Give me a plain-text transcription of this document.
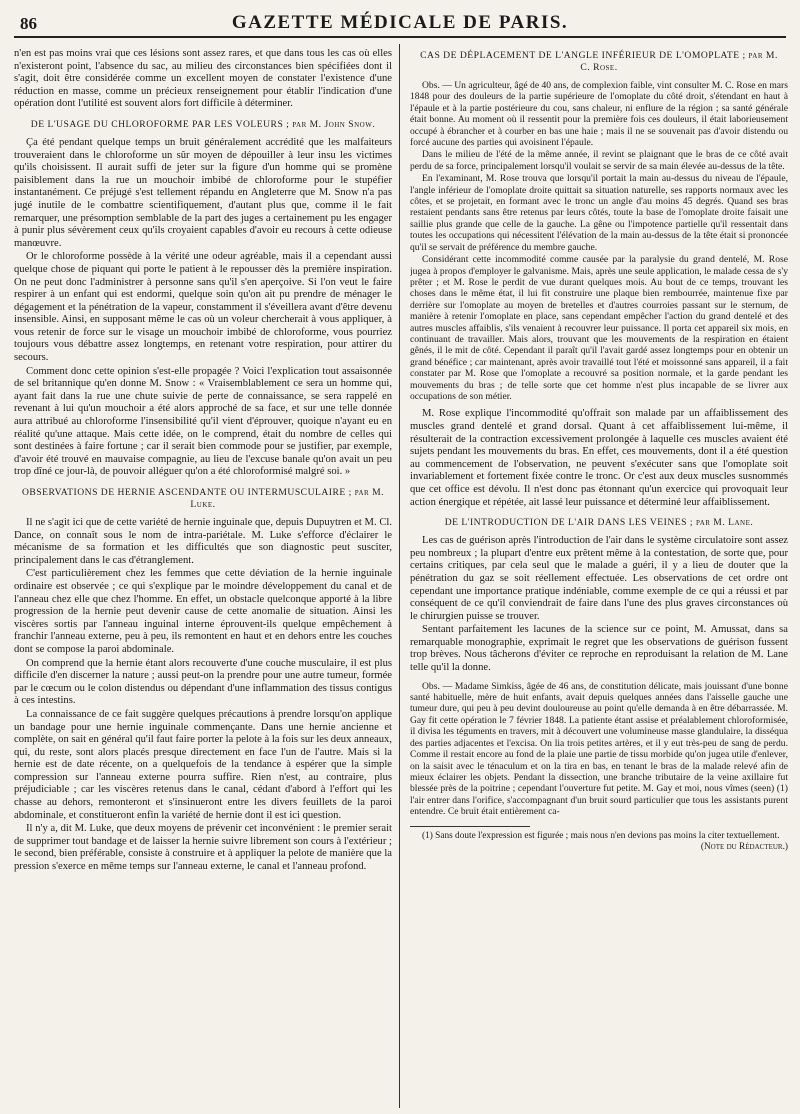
86	GAZETTE MÉDICALE DE PARIS.

n'en est pas moins vrai que ces lésions sont assez rares, et que dans tous les cas où elles n'existeront point, l'absence du sac, au milieu des circonstances bien spécifiées dont il s'agit, doit être considérée comme un excellent moyen de constater l'existence d'une réduction en masse, comme un précieux renseignement pour établir l'indication d'une opération dont l'utilité est souvent alors fort difficile à déterminer.

DE L'USAGE DU CHLOROFORME PAR LES VOLEURS ; par M. John Snow.

Ça été pendant quelque temps un bruit généralement accrédité que les malfaiteurs trouveraient dans le chloroforme un sûr moyen de dépouiller à leur insu les victimes qu'ils choisissent. Il aurait suffi de jeter sur la figure d'un homme qui se promène paisiblement dans la rue un mouchoir imbibé de chloroforme pour le stupéfier instantanément. Ce préjugé s'est tellement répandu en Angleterre que M. Snow n'a pas jugé inutile de le combattre scientifiquement, d'autant plus que, comme il le fait remarquer, une présomption semblable de la part des juges a certainement pu les engager à punir plus sévèrement ceux qu'ils croyaient capables d'avoir eu recours à cette odieuse manœuvre.

Or le chloroforme possède à la vérité une odeur agréable, mais il a cependant aussi quelque chose de piquant qui porte le patient à le repousser dès la première inspiration. On ne peut donc l'administrer à personne sans qu'il s'en aperçoive. Si l'on veut le faire respirer à un enfant qui est endormi, quelque soin qu'on ait pu prendre de ménager le dégagement et la pénétration de la vapeur, constamment il s'éveillera avant d'être devenu insensible. Ainsi, en supposant même le cas où un voleur chercherait à vous appliquer, à vous retenir de force sur le visage un mouchoir imbibé de chloroforme, vous pourriez toujours vous débattre assez longtemps, en retenant votre respiration, pour attirer du secours.

Comment donc cette opinion s'est-elle propagée ? Voici l'explication tout assaisonnée de sel britannique qu'en donne M. Snow : « Vraisemblablement ce sera un homme qui, ayant fait dans la rue une chute suivie de perte de connaissance, se sera rappelé en revenant à lui qu'un mouchoir a été alors approché de sa face, et sur une telle donnée aura attribué au chloroforme l'insensibilité qu'il vient d'éprouver, quoique n'ayant eu en réalité qu'une attaque. Mais cette idée, on le comprend, était du nombre de celles qui sont destinées à faire fortune ; car il serait bien commode pour se justifier, par exemple, d'avoir été trouvé en mauvaise compagnie, au lieu de l'excuse banale qu'on avait un peu trop dîné ce jour-là, de pouvoir alléguer qu'on a été chloroformisé malgré soi. »

OBSERVATIONS DE HERNIE ASCENDANTE OU INTERMUSCULAIRE ; par M. Luke.

Il ne s'agit ici que de cette variété de hernie inguinale que, depuis Dupuytren et M. Cl. Dance, on connaît sous le nom de intra-pariétale. M. Luke s'efforce d'éclairer le mécanisme de sa formation et les difficultés que son diagnostic peut susciter, principalement dans le cas d'étranglement.

C'est particulièrement chez les femmes que cette déviation de la hernie inguinale ordinaire est observée ; ce qui s'explique par le moindre développement du canal et de l'anneau chez elle que chez l'homme. En effet, un obstacle quelconque apporté à la libre progression de la hernie peut devenir cause de cette anomalie de situation. Ainsi les viscères sortis par l'anneau inguinal interne éprouvent-ils quelque empêchement à franchir l'anneau externe, peu à peu, ils remontent en haut et en dehors entre les couches dont se compose la paroi abdominale.

On comprend que la hernie étant alors recouverte d'une couche musculaire, il est plus difficile d'en discerner la nature ; aussi peut-on la prendre pour une autre tumeur, formée par le cœcum ou le colon distendus ou dépendant d'une inflammation des tissus contigus à ces intestins.

La connaissance de ce fait suggère quelques précautions à prendre lorsqu'on applique un bandage pour une hernie inguinale commençante. Dans une hernie ancienne et complète, on sait en général qu'il faut faire porter la pelote à la fois sur les deux anneaux, qui, du reste, sont alors placés presque directement en face l'un de l'autre. Mais si la hernie est de date récente, on a quelquefois de la tendance à espérer que la simple compression sur l'anneau externe pourra suffire. Rien n'est, au contraire, plus préjudiciable ; car les viscères retenus dans le canal, cédant d'abord à l'effort qui les chasse au dehors, remonteront et s'insinueront entre les divers feuillets de la paroi abdominale, et constitueront enfin la variété de hernie dont il est ici question.

Il n'y a, dit M. Luke, que deux moyens de prévenir cet inconvénient : le premier serait de supprimer tout bandage et de laisser la hernie suivre librement son cours à l'extérieur ; le second, bien préférable, consiste à construire et à appliquer la pelote de manière que la pression s'exerce en même temps sur l'anneau externe, le canal et l'anneau profond.

CAS DE DÉPLACEMENT DE L'ANGLE INFÉRIEUR DE L'OMOPLATE ; par M. C. Rose.

Obs. — Un agriculteur, âgé de 40 ans, de complexion faible, vint consulter M. C. Rose en mars 1848 pour des douleurs de la partie supérieure de l'omoplate du côté droit, s'étendant en haut à l'épaule et à la partie postérieure du cou, sans chaleur, ni enflure de la région ; sa santé générale était bonne. Au moment où il ressentit pour la première fois ces douleurs, il était laborieusement occupé à ébrancher et à courber en bas une haie ; mais il ne se souvenait pas d'avoir distendu ou forcé aucune des parties qui avoisinent l'épaule.

Dans le milieu de l'été de la même année, il revint se plaignant que le bras de ce côté avait perdu de sa force, principalement lorsqu'il voulait se servir de sa main élevée au-dessus de la tête.

En l'examinant, M. Rose trouva que lorsqu'il portait la main au-dessus du niveau de l'épaule, l'angle inférieur de l'omoplate droite quittait sa situation naturelle, ses rapports normaux avec les côtes, et se projetait, en formant avec le tronc un angle d'au moins 45 degrés. Quand ses bras restaient pendants sans être retenus par leurs côtés, toute la base de l'omoplate droite faisait une saillie plus grande que celle de la gauche. La gêne ou l'impotence partielle qu'il ressentait dans toutes les occupations qui nécessitent l'élévation de la main au-dessus de la tête était si prononcée qu'il se servait de préférence du membre gauche.

Considérant cette incommodité comme causée par la paralysie du grand dentelé, M. Rose jugea à propos d'employer le galvanisme. Mais, après une seule application, le malade cessa de s'y prêter ; et M. Rose le perdit de vue durant quelques mois. Au bout de ce temps, trouvant les choses dans le même état, il lui fit construire une plaque bien rembourrée, maintenue fixe par derrière sur l'omoplate au moyen de bretelles et d'autres courroies passant sur le sternum, de manière à retenir l'omoplate en place, sans cependant empêcher l'action du grand dentelé et des autres muscles affaiblis, s'ils venaient à recouvrer leur puissance. Il porta cet appareil six mois, en continuant de travailler. Mais alors, trouvant que les mouvements de la respiration en étaient gênés, il le mit de côté. Cependant il paraît qu'il l'avait gardé assez longtemps pour en obtenir un grand bénéfice ; car maintenant, après avoir travaillé tout l'été et moissonné sans appareil, il a fait constater par M. Rose que l'omoplate a recouvré sa position normale, et la garde pendant les mouvements du bras ; de telle sorte que cet homme n'est plus incapable de se livrer aux occupations de son métier.

M. Rose explique l'incommodité qu'offrait son malade par un affaiblissement des muscles grand dentelé et grand dorsal. Quant à cet affaiblissement lui-même, il résulterait de la contraction excessivement prolongée à laquelle ces muscles avaient été sujets pendant les mouvements du bras. En effet, ces mouvements, dont il a été question au commencement de l'observation, ne peuvent s'exécuter sans que l'omoplate soit invariablement et fortement fixée contre le tronc. Or c'est aux deux muscles susnommés que cet office est dévolu. Il n'est donc pas étonnant qu'un exercice qui provoquait leur action énergique et répétée, ait lassé leur puissance et déterminé leur affaiblissement.

DE L'INTRODUCTION DE L'AIR DANS LES VEINES ; par M. Lane.

Les cas de guérison après l'introduction de l'air dans le système circulatoire sont assez peu nombreux ; la plupart d'entre eux prêtent même à la contestation, de sorte que, pour certains critiques, par cela seul que le malade a guéri, il y a lieu de douter que la pénétration du gaz se soit réellement effectuée. Les observations de cet ordre ont cependant une importance pratique indéniable, comme exemple de ce qui a réussi et par conséquent de ce qu'il conviendrait de faire dans l'une des plus graves circonstances où le chirurgien puisse se trouver.

Sentant parfaitement les lacunes de la science sur ce point, M. Amussat, dans sa remarquable monographie, exprimait le regret que les observations de guérison fussent trop brèves. Nous tâcherons d'éviter ce reproche en reproduisant la relation de M. Lane telle qu'il la donne.

Obs. — Madame Simkiss, âgée de 46 ans, de constitution délicate, mais jouissant d'une bonne santé habituelle, mère de huit enfants, avait depuis quelques années dans l'aisselle gauche une tumeur dure, qui peu à peu devint douloureuse au point qu'elle demanda à en être débarrassée. M. Gay fit cette opération le 7 février 1848. La patiente étant assise et préalablement chloroformisée, il divisa les téguments en travers, mit à découvert une volumineuse masse glandulaire, la disséqua des parties adjacentes et l'excisa. On lia trois petites artères, et il y eut très-peu de sang de perdu. Comme il restait encore au fond de la plaie une partie de tissu morbide qu'on jugea utile d'enlever, on la saisit avec le ténaculum et on la tira en bas, en tenant le bras de la malade relevé afin de mieux éclairer les objets. Pendant la dissection, une branche tributaire de la veine axillaire fut blessée près de la poitrine ; cependant l'ouverture fut petite. M. Gay et moi, nous vîmes (seen) (1) l'air entrer dans l'orifice, s'accompagnant d'un bruit sourd particulier que tous les assistants purent entendre. Ce bruit était entièrement ca-

(1) Sans doute l'expression est figurée ; mais nous n'en devions pas moins la citer textuellement.
(Note du Rédacteur.)
